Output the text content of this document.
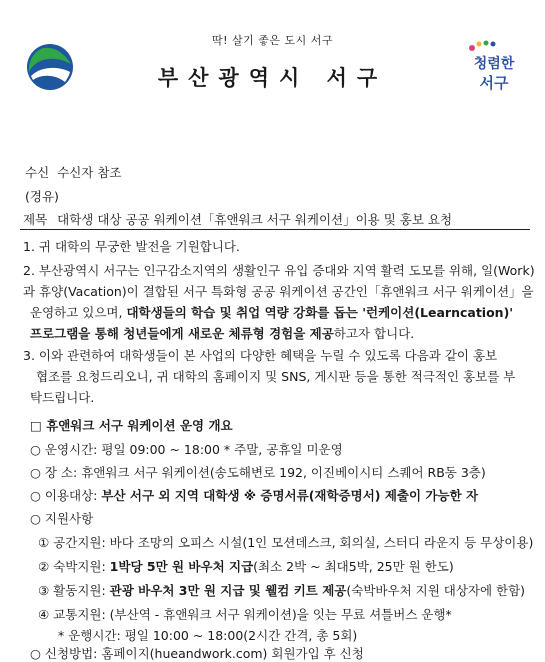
딱! 살기 좋은 도시 서구
부산광역시 서구
청렴한
서구
수신 수신자 참조
(경유)
제목 대학생 대상 공공 워케이션「휴앤워크 서구 워케이션」이용 및 홍보 요청
1. 귀 대학의 무궁한 발전을 기원합니다.
2. 부산광역시 서구는 인구감소지역의 생활인구 유입 증대와 지역 활력 도모를 위해, 일(Work)
과 휴양(Vacation)이 결합된 서구 특화형 공공 워케이션 공간인「휴앤워크 서구 워케이션」을
운영하고 있으며, 대학생들의 학습 및 취업 역량 강화를 돕는 '런케이션(Learncation)'
프로그램을 통해 청년들에게 새로운 체류형 경험을 제공하고자 합니다.
3. 이와 관련하여 대학생들이 본 사업의 다양한 혜택을 누릴 수 있도록 다음과 같이 홍보
협조를 요청드리오니, 귀 대학의 홈페이지 및 SNS, 게시판 등을 통한 적극적인 홍보를 부
탁드립니다.
□ 휴앤워크 서구 워케이션 운영 개요
○ 운영시간: 평일 09:00 ~ 18:00 * 주말, 공휴일 미운영
○ 장 소: 휴앤워크 서구 워케이션(송도해변로 192, 이진베이시티 스퀘어 RB동 3층)
○ 이용대상: 부산 서구 외 지역 대학생 ※ 증명서류(재학증명서) 제출이 가능한 자
○ 지원사항
① 공간지원: 바다 조망의 오피스 시설(1인 모션데스크, 회의실, 스터디 라운지 등 무상이용)
② 숙박지원: 1박당 5만 원 바우처 지급(최소 2박 ~ 최대5박, 25만 원 한도)
③ 활동지원: 관광 바우처 3만 원 지급 및 웰컴 키트 제공(숙박바우처 지원 대상자에 한함)
④ 교통지원: (부산역 - 휴앤워크 서구 워케이션)을 잇는 무료 셔틀버스 운행*
* 운행시간: 평일 10:00 ~ 18:00(2시간 간격, 총 5회)
○ 신청방법: 홈페이지(hueandwork.com) 회원가입 후 신청
